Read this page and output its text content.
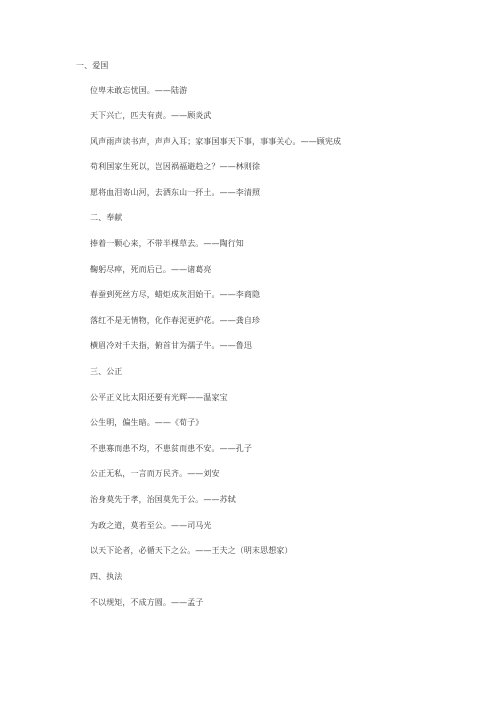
一、爱国
位卑未敢忘忧国。——陆游
天下兴亡，匹夫有责。——顾炎武
风声雨声读书声，声声入耳；家事国事天下事，事事关心。——顾宪成
苟利国家生死以，岂因祸福避趋之？——林则徐
愿将血泪寄山河，去洒东山一抔土。——李清照
二、奉献
捧着一颗心来，不带半棵草去。——陶行知
鞠躬尽瘁，死而后已。——诸葛亮
春蚕到死丝方尽，蜡炬成灰泪始干。——李商隐
落红不是无情物，化作春泥更护花。——龚自珍
横眉冷对千夫指，俯首甘为孺子牛。——鲁迅
三、公正
公平正义比太阳还要有光辉——温家宝
公生明，偏生暗。——《荀子》
不患寡而患不均，不患贫而患不安。——孔子
公正无私，一言而万民齐。——刘安
治身莫先于孝，治国莫先于公。——苏轼
为政之道，莫若至公。——司马光
以天下论者，必循天下之公。——王夫之（明末思想家）
四、执法
不以规矩，不成方圆。——孟子
